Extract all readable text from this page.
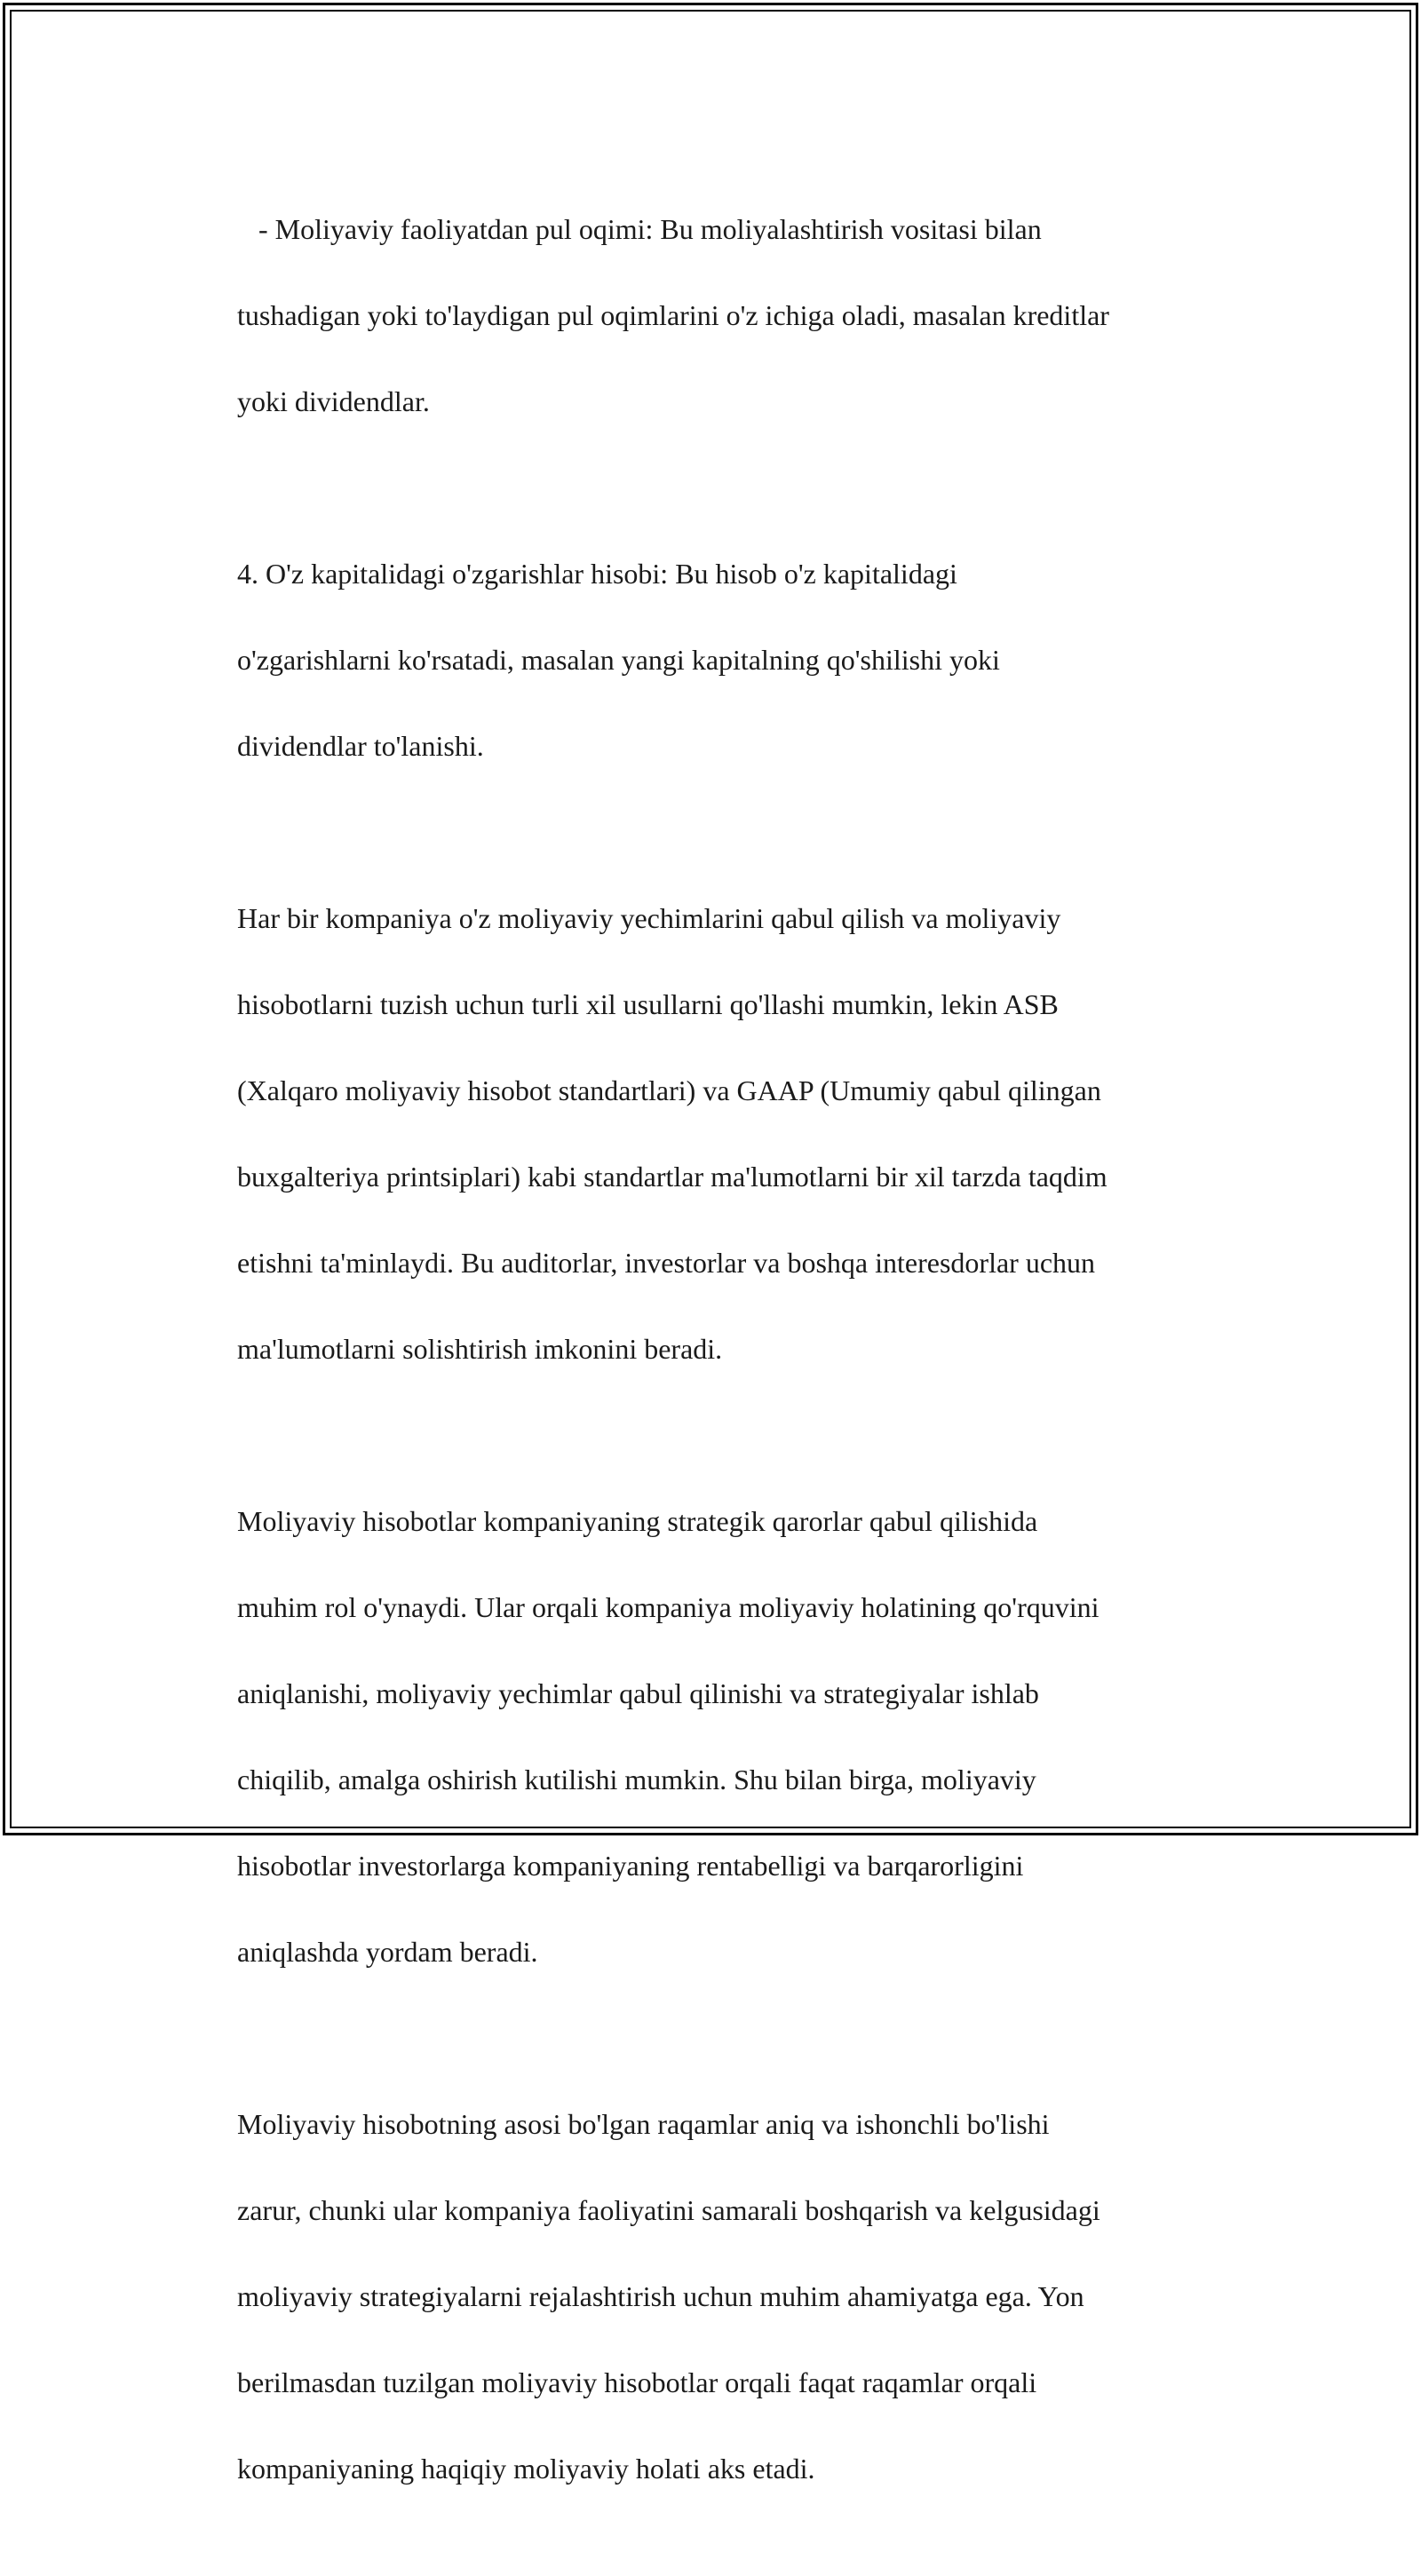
- Moliyaviy faoliyatdan pul oqimi: Bu moliyalashtirish vositasi bilan

tushadigan yoki to'laydigan pul oqimlarini o'z ichiga oladi, masalan kreditlar

yoki dividendlar.

4. O'z kapitalidagi o'zgarishlar hisobi: Bu hisob o'z kapitalidagi

o'zgarishlarni ko'rsatadi, masalan yangi kapitalning qo'shilishi yoki

dividendlar to'lanishi.

Har bir kompaniya o'z moliyaviy yechimlarini qabul qilish va moliyaviy

hisobotlarni tuzish uchun turli xil usullarni qo'llashi mumkin, lekin ASB

(Xalqaro moliyaviy hisobot standartlari) va GAAP (Umumiy qabul qilingan

buxgalteriya printsiplari) kabi standartlar ma'lumotlarni bir xil tarzda taqdim

etishni ta'minlaydi. Bu auditorlar, investorlar va boshqa interesdorlar uchun

ma'lumotlarni solishtirish imkonini beradi.

Moliyaviy hisobotlar kompaniyaning strategik qarorlar qabul qilishida

muhim rol o'ynaydi. Ular orqali kompaniya moliyaviy holatining qo'rquvini

aniqlanishi, moliyaviy yechimlar qabul qilinishi va strategiyalar ishlab

chiqilib, amalga oshirish kutilishi mumkin. Shu bilan birga, moliyaviy

hisobotlar investorlarga kompaniyaning rentabelligi va barqarorligini

aniqlashda yordam beradi.

Moliyaviy hisobotning asosi bo'lgan raqamlar aniq va ishonchli bo'lishi

zarur, chunki ular kompaniya faoliyatini samarali boshqarish va kelgusidagi

moliyaviy strategiyalarni rejalashtirish uchun muhim ahamiyatga ega. Yon

berilmasdan tuzilgan moliyaviy hisobotlar orqali faqat raqamlar orqali

kompaniyaning haqiqiy moliyaviy holati aks etadi.
